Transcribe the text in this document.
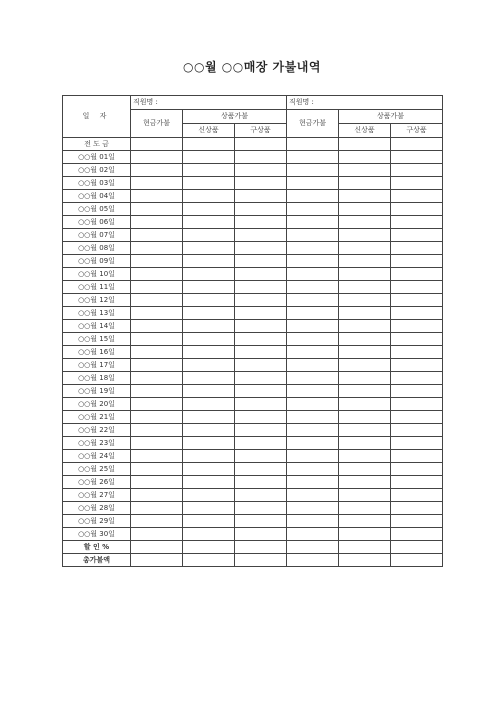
○○월 ○○매장 가불내역
일 자	직원명 :			직원명 :		
	현금가불	상품가불		현금가불	상품가불	
		신상품	구상품		신상품	구상품
전 도 금						
○○월 01일						
○○월 02일						
○○월 03일						
○○월 04일						
○○월 05일						
○○월 06일						
○○월 07일						
○○월 08일						
○○월 09일						
○○월 10일						
○○월 11일						
○○월 12일						
○○월 13일						
○○월 14일						
○○월 15일						
○○월 16일						
○○월 17일						
○○월 18일						
○○월 19일						
○○월 20일						
○○월 21일						
○○월 22일						
○○월 23일						
○○월 24일						
○○월 25일						
○○월 26일						
○○월 27일						
○○월 28일						
○○월 29일						
○○월 30일						
할 인 %						
총가불액						
